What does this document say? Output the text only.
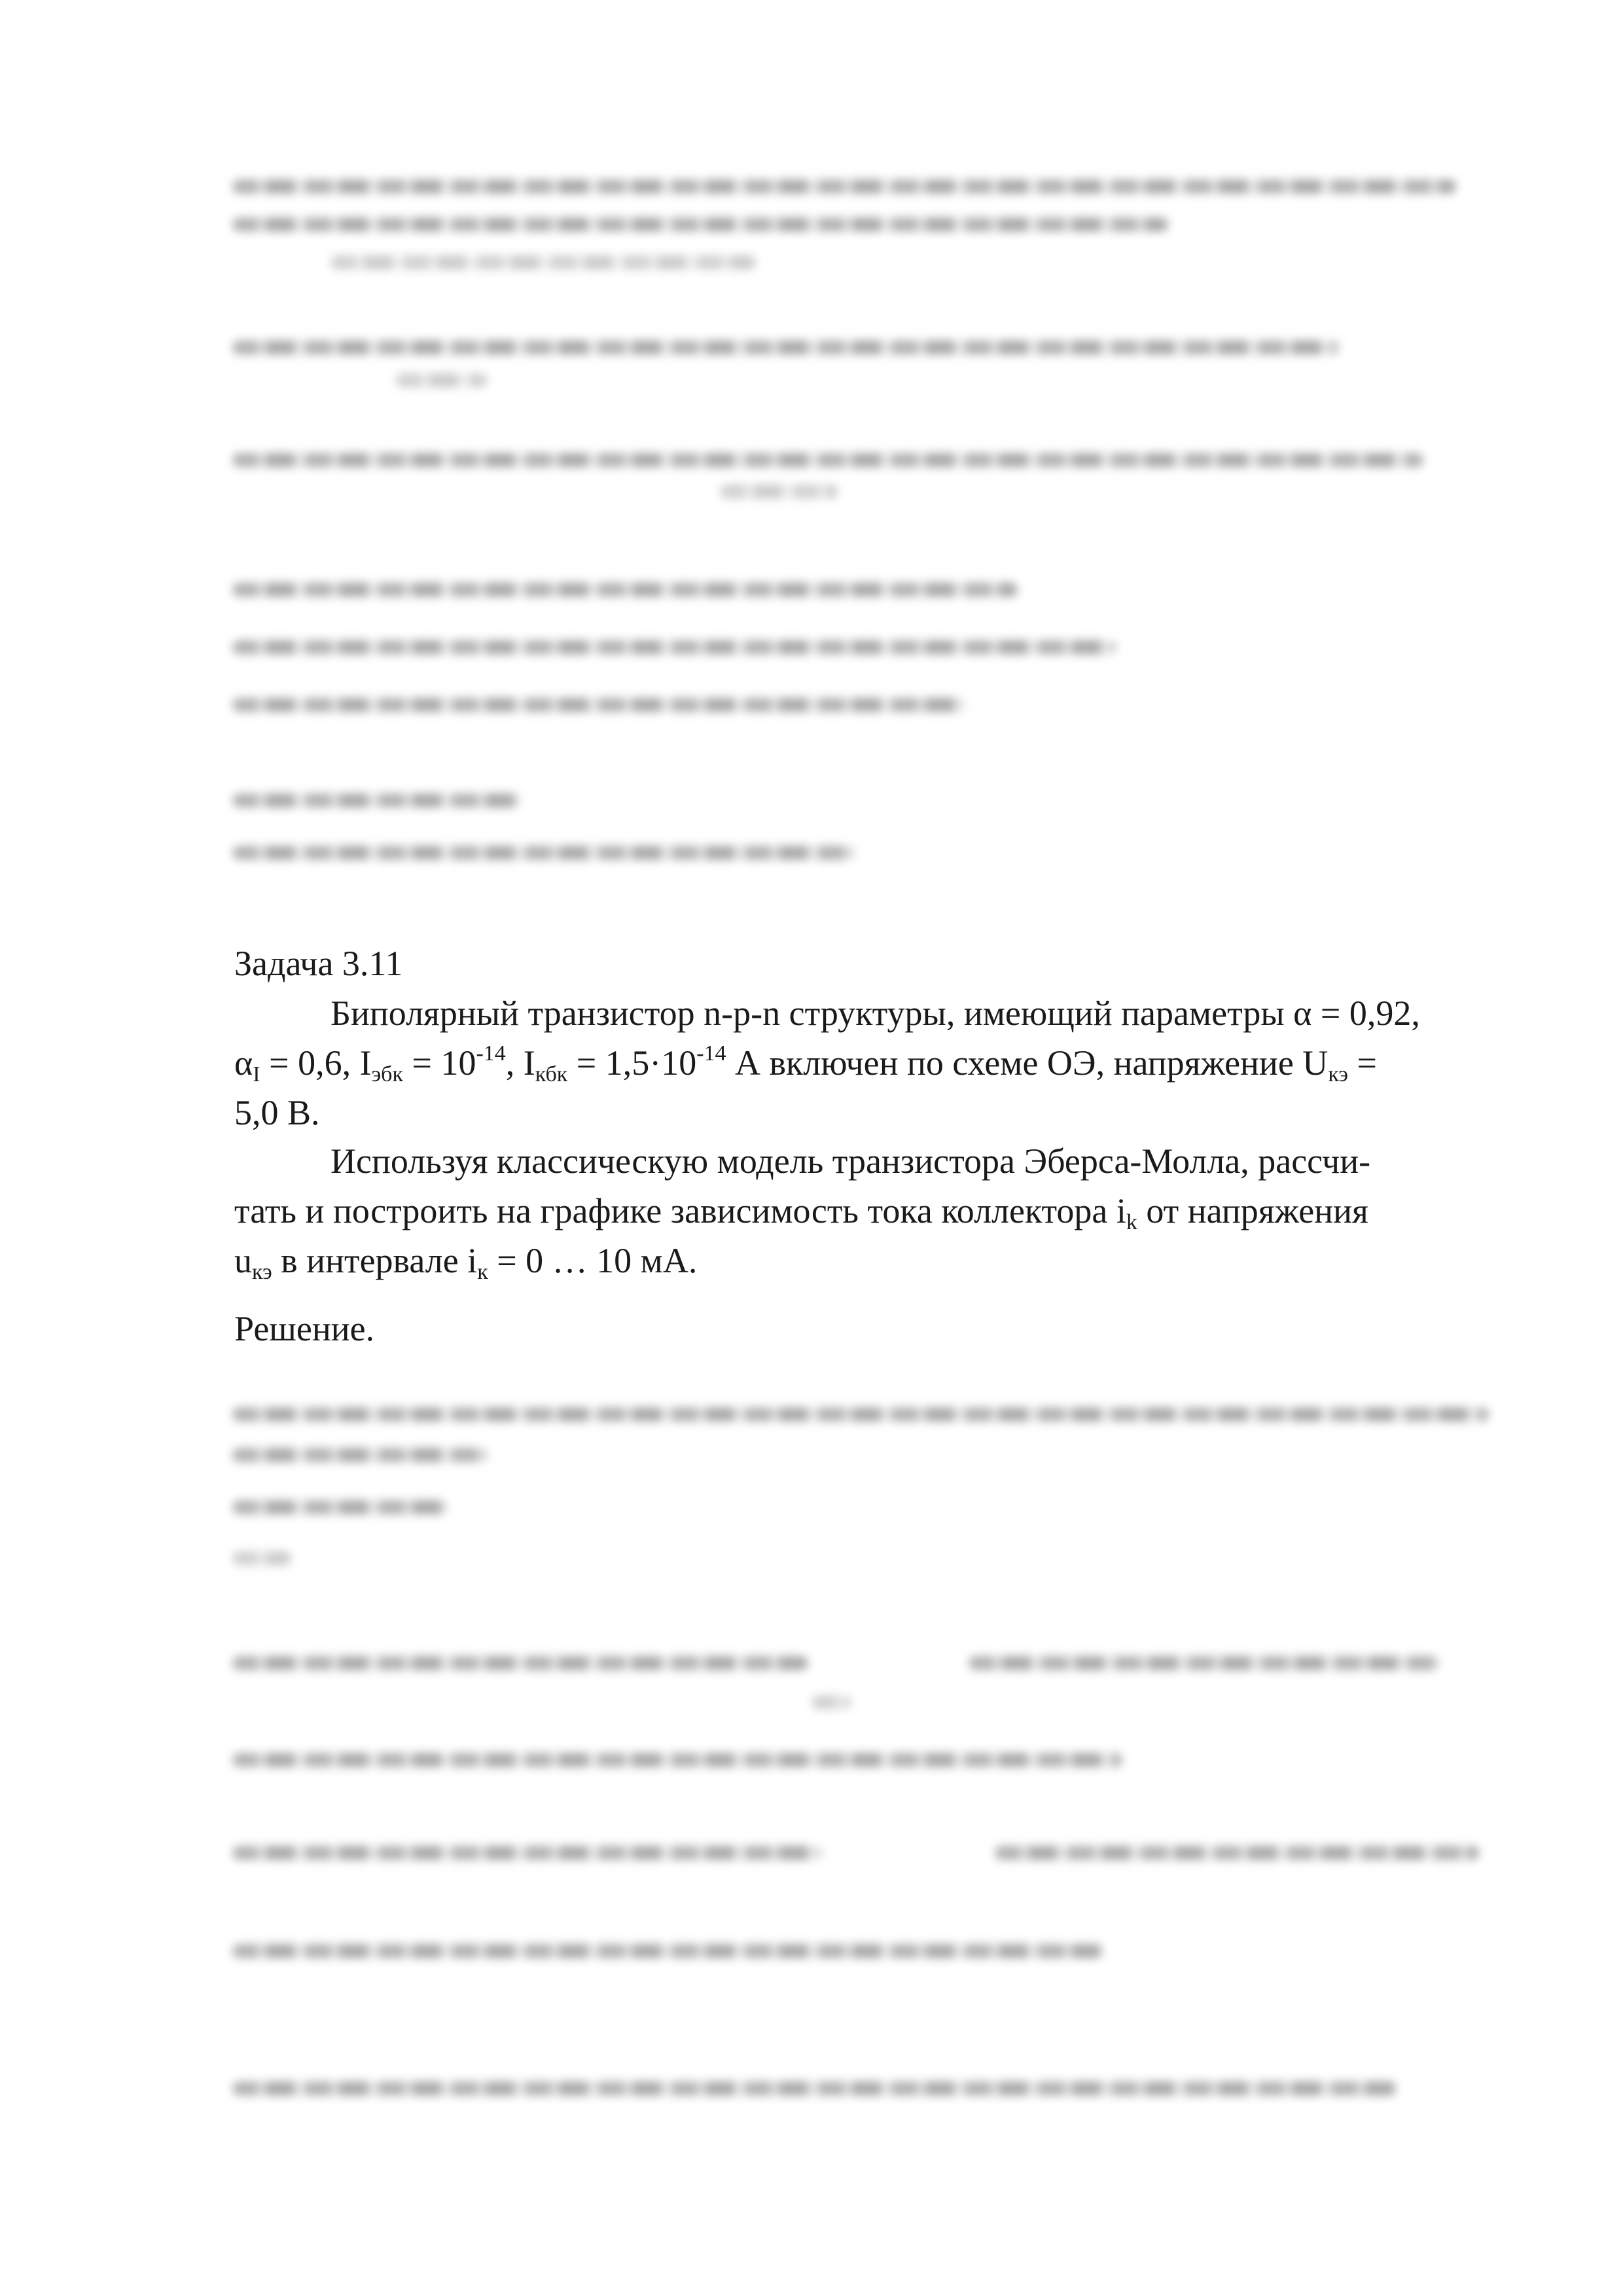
Задача 3.11

Биполярный транзистор n-p-n структуры, имеющий параметры α = 0,92,

$\alpha_I = 0,6$, $I_{эбк} = 10^{-14}$, $I_{кбк} = 1,5\cdot 10^{-14}$ А включен по схеме ОЭ, напряжение $U_{кэ}$ =

5,0 В.

Используя классическую модель транзистора Эберса-Молла, рассчи-

тать и построить на графике зависимость тока коллектора $i_k$ от напряжения

$u_{кэ}$ в интервале $i_к = 0$ … 10 мА.

Решение.
